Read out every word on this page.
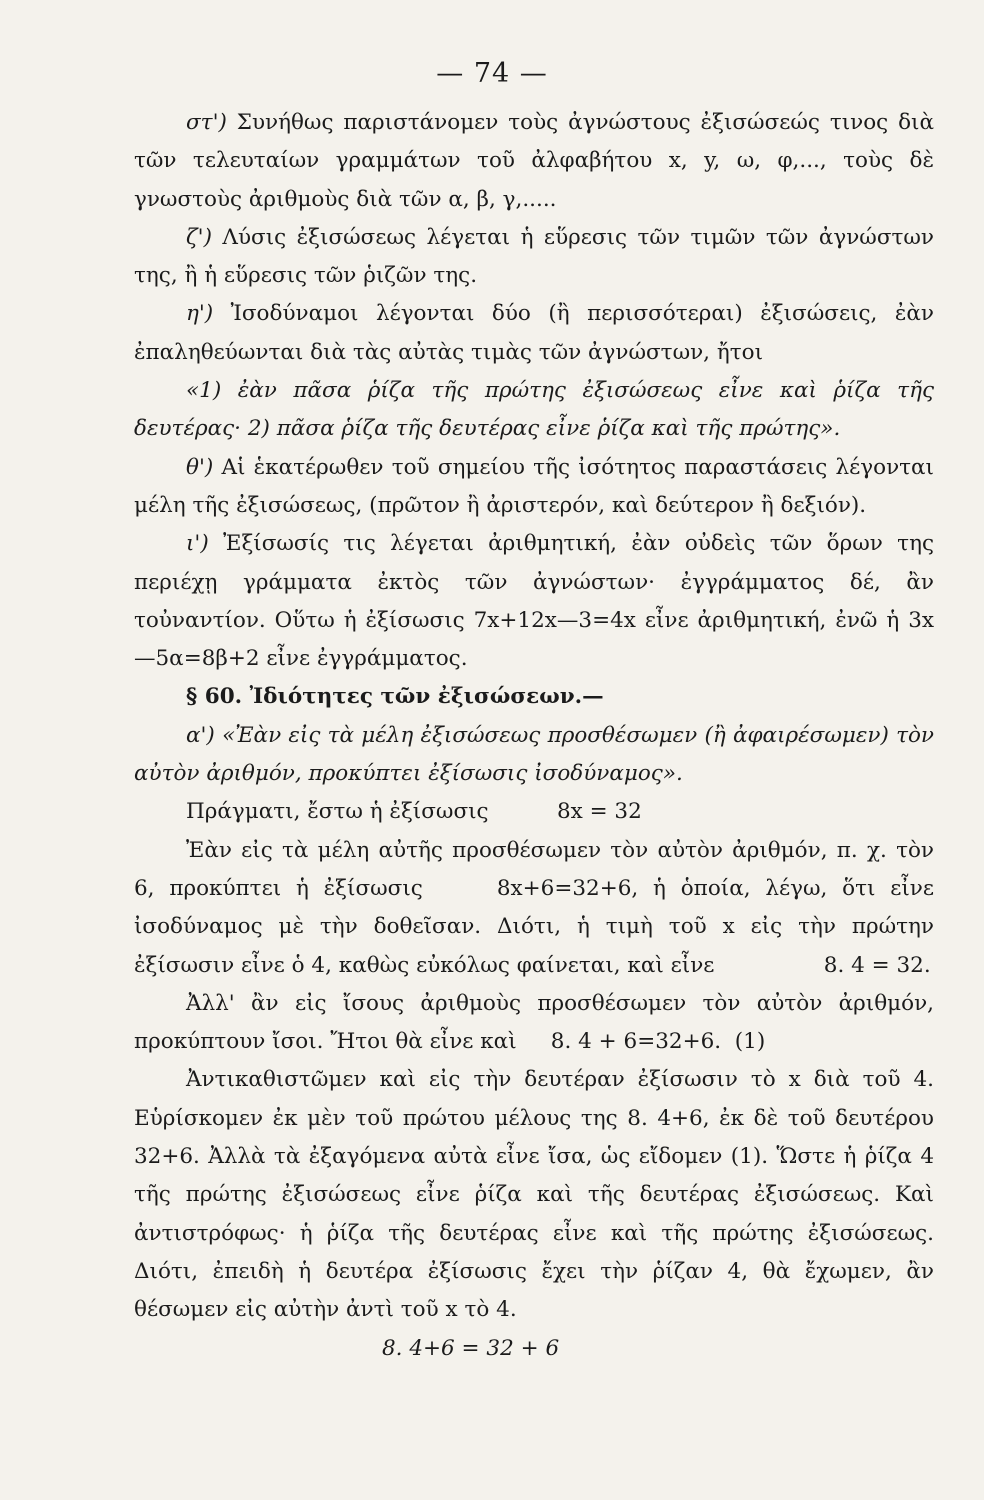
— 74 —

στ') Συνήθως παριστάνομεν τοὺς ἀγνώστους ἐξισώσεώς τινος διὰ τῶν τελευταίων γραμμάτων τοῦ ἀλφαβήτου x, y, ω, φ,..., τοὺς δὲ γνωστοὺς ἀριθμοὺς διὰ τῶν α, β, γ,.....

ζ') Λύσις ἐξισώσεως λέγεται ἡ εὕρεσις τῶν τιμῶν τῶν ἀγνώστων της, ἢ ἡ εὕρεσις τῶν ῥιζῶν της.

η') Ἰσοδύναμοι λέγονται δύο (ἢ περισσότεραι) ἐξισώσεις, ἐὰν ἐπαληθεύωνται διὰ τὰς αὐτὰς τιμὰς τῶν ἀγνώστων, ἤτοι

«1) ἐὰν πᾶσα ῥίζα τῆς πρώτης ἐξισώσεως εἶνε καὶ ῥίζα τῆς δευτέρας· 2) πᾶσα ῥίζα τῆς δευτέρας εἶνε ῥίζα καὶ τῆς πρώτης».

θ') Αἱ ἑκατέρωθεν τοῦ σημείου τῆς ἰσότητος παραστάσεις λέγονται μέλη τῆς ἐξισώσεως, (πρῶτον ἢ ἀριστερόν, καὶ δεύτερον ἢ δεξιόν).

ι') Ἐξίσωσίς τις λέγεται ἀριθμητική, ἐὰν οὐδεὶς τῶν ὅρων της περιέχῃ γράμματα ἐκτὸς τῶν ἀγνώστων· ἐγγράμματος δέ, ἂν τοὐναντίον. Οὕτω ἡ ἐξίσωσις 7x+12x—3=4x εἶνε ἀριθμητική, ἐνῶ ἡ 3x—5α=8β+2 εἶνε ἐγγράμματος.

§ 60. Ἰδιότητες τῶν ἐξισώσεων.—

α') «Ἐὰν εἰς τὰ μέλη ἐξισώσεως προσθέσωμεν (ἢ ἀφαιρέσωμεν) τὸν αὐτὸν ἀριθμόν, προκύπτει ἐξίσωσις ἰσοδύναμος».

Πράγματι, ἔστω ἡ ἐξίσωσις          8x = 32

Ἐὰν εἰς τὰ μέλη αὐτῆς προσθέσωμεν τὸν αὐτὸν ἀριθμόν, π. χ. τὸν 6, προκύπτει ἡ ἐξίσωσις     8x+6=32+6, ἡ ὁποία, λέγω, ὅτι εἶνε ἰσοδύναμος μὲ τὴν δοθεῖσαν. Διότι, ἡ τιμὴ τοῦ x εἰς τὴν πρώτην ἐξίσωσιν εἶνε ὁ 4, καθὼς εὐκόλως φαίνεται, καὶ εἶνε                8. 4 = 32.

Ἀλλ' ἂν εἰς ἴσους ἀριθμοὺς προσθέσωμεν τὸν αὐτὸν ἀριθμόν, προκύπτουν ἴσοι. Ἤτοι θὰ εἶνε καὶ     8. 4 + 6=32+6.  (1)

Ἀντικαθιστῶμεν καὶ εἰς τὴν δευτέραν ἐξίσωσιν τὸ x διὰ τοῦ 4. Εὑρίσκομεν ἐκ μὲν τοῦ πρώτου μέλους της 8. 4+6, ἐκ δὲ τοῦ δευτέρου 32+6. Ἀλλὰ τὰ ἐξαγόμενα αὐτὰ εἶνε ἴσα, ὡς εἴδομεν (1). Ὥστε ἡ ῥίζα 4 τῆς πρώτης ἐξισώσεως εἶνε ῥίζα καὶ τῆς δευτέρας ἐξισώσεως. Καὶ ἀντιστρόφως· ἡ ῥίζα τῆς δευτέρας εἶνε καὶ τῆς πρώτης ἐξισώσεως. Διότι, ἐπειδὴ ἡ δευτέρα ἐξίσωσις ἔχει τὴν ῥίζαν 4, θὰ ἔχωμεν, ἂν θέσωμεν εἰς αὐτὴν ἀντὶ τοῦ x τὸ 4.

8. 4+6 = 32 + 6
